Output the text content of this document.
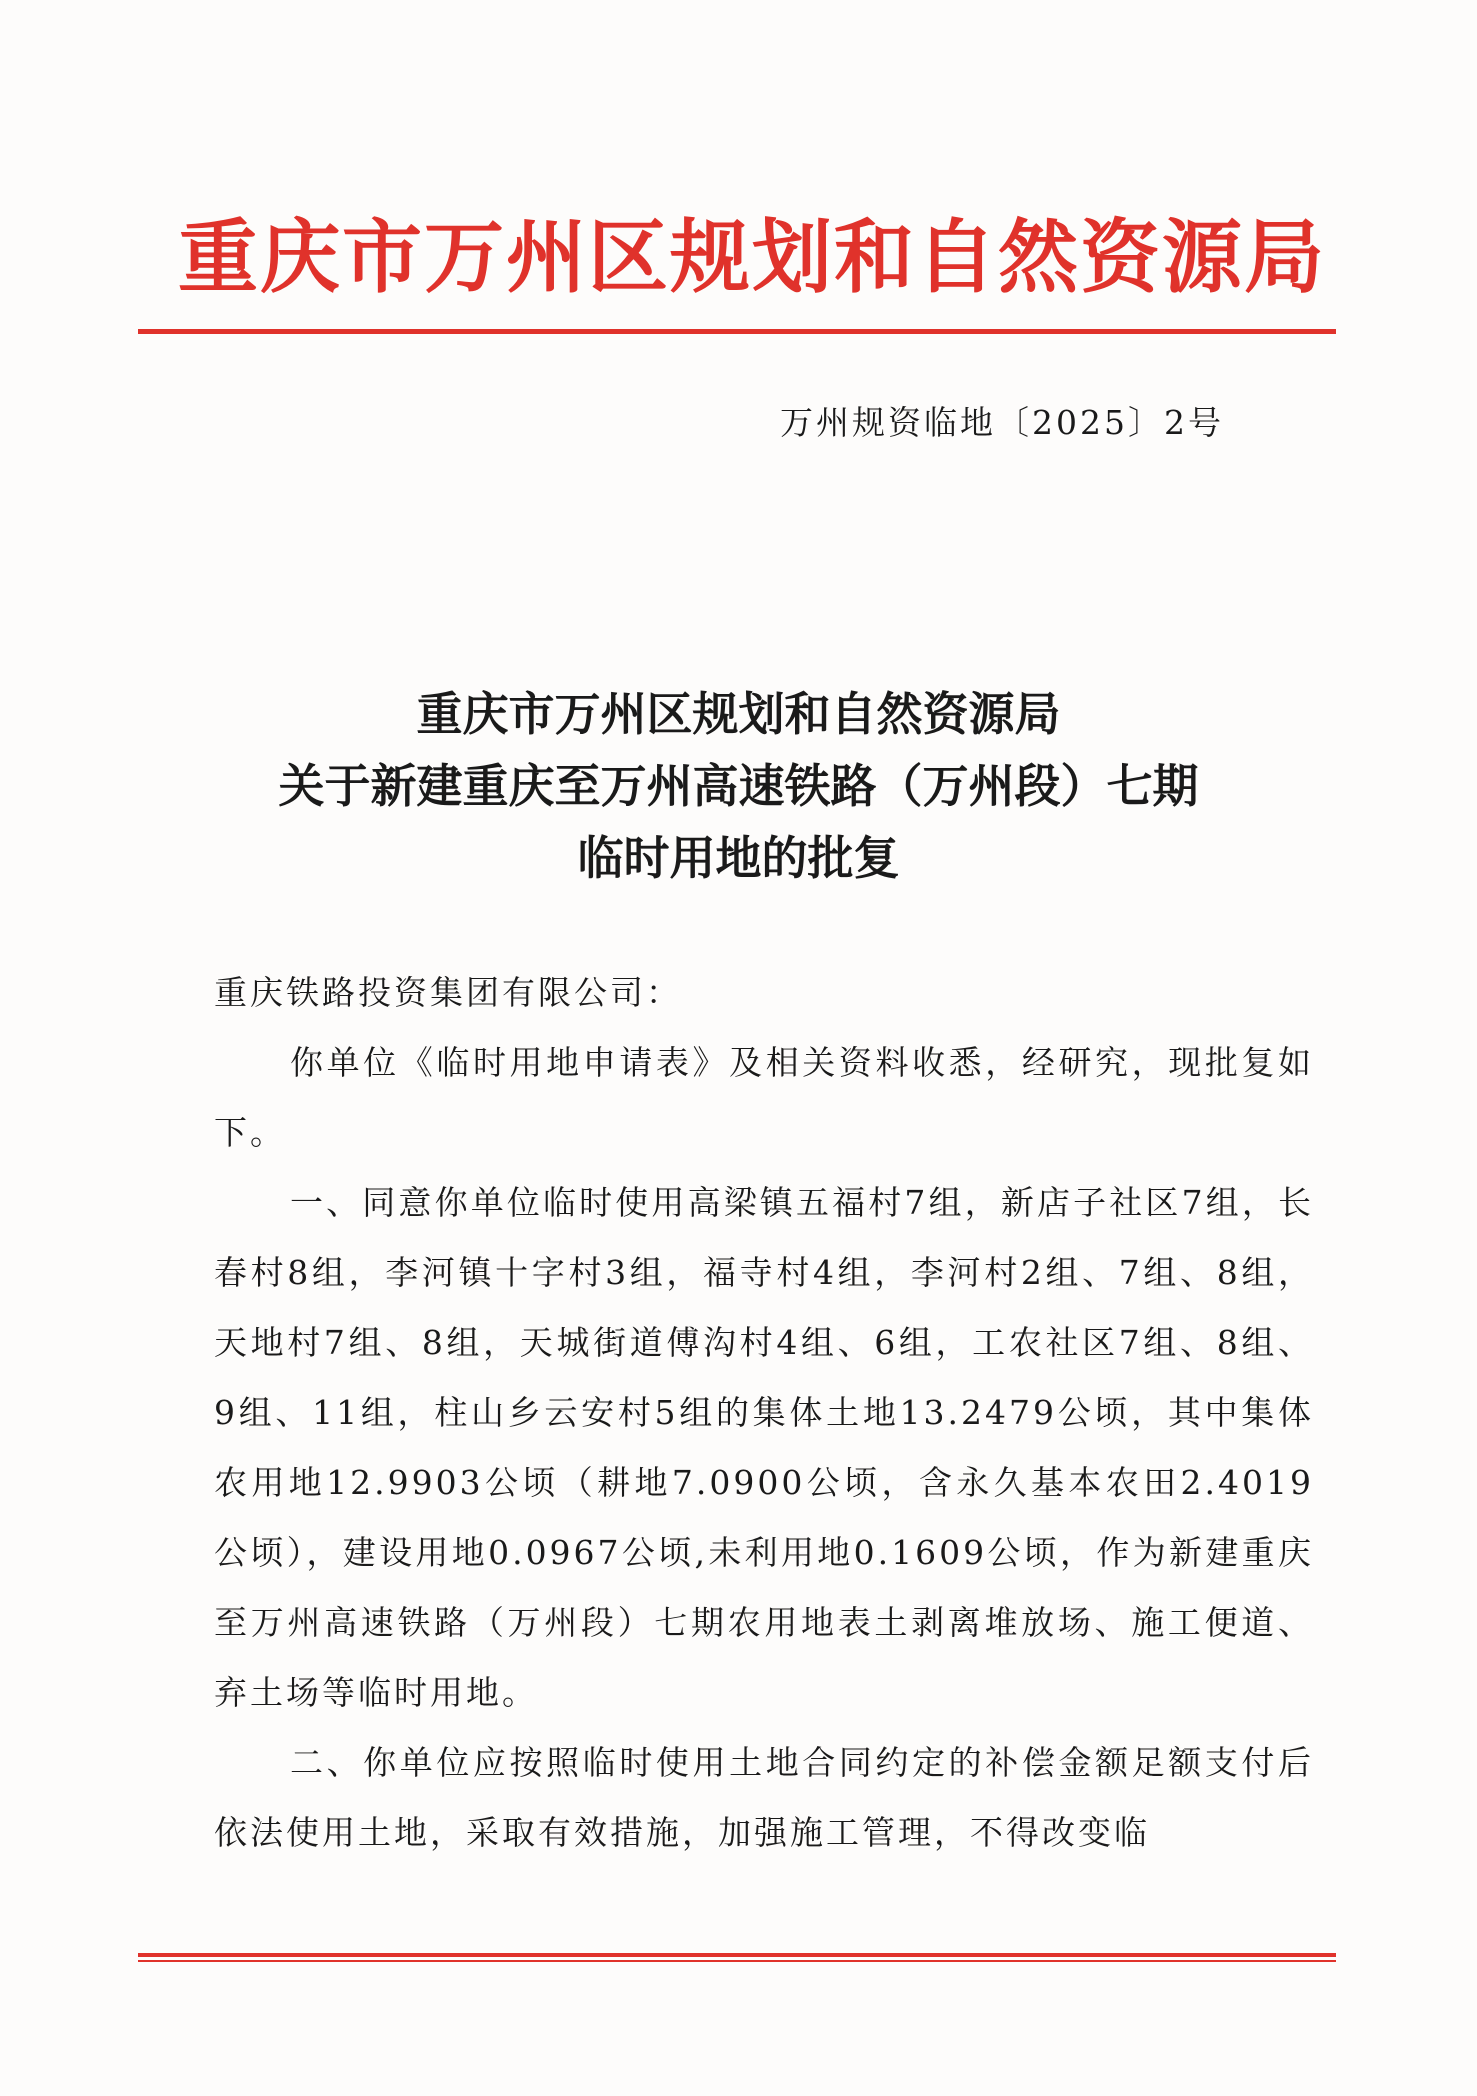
重庆市万州区规划和自然资源局
万州规资临地〔2025〕2号
重庆市万州区规划和自然资源局
关于新建重庆至万州高速铁路（万州段）七期
临时用地的批复
重庆铁路投资集团有限公司：
你单位《临时用地申请表》及相关资料收悉，经研究，现批复如下。
一、同意你单位临时使用高梁镇五福村7组，新店子社区7组，长春村8组，李河镇十字村3组，福寺村4组，李河村2组、7组、8组，天地村7组、8组，天城街道傅沟村4组、6组，工农社区7组、8组、9组、11组，柱山乡云安村5组的集体土地13.2479公顷，其中集体农用地12.9903公顷（耕地7.0900公顷，含永久基本农田2.4019公顷），建设用地0.0967公顷,未利用地0.1609公顷，作为新建重庆至万州高速铁路（万州段）七期农用地表土剥离堆放场、施工便道、弃土场等临时用地。
二、你单位应按照临时使用土地合同约定的补偿金额足额支付后依法使用土地，采取有效措施，加强施工管理，不得改变临
